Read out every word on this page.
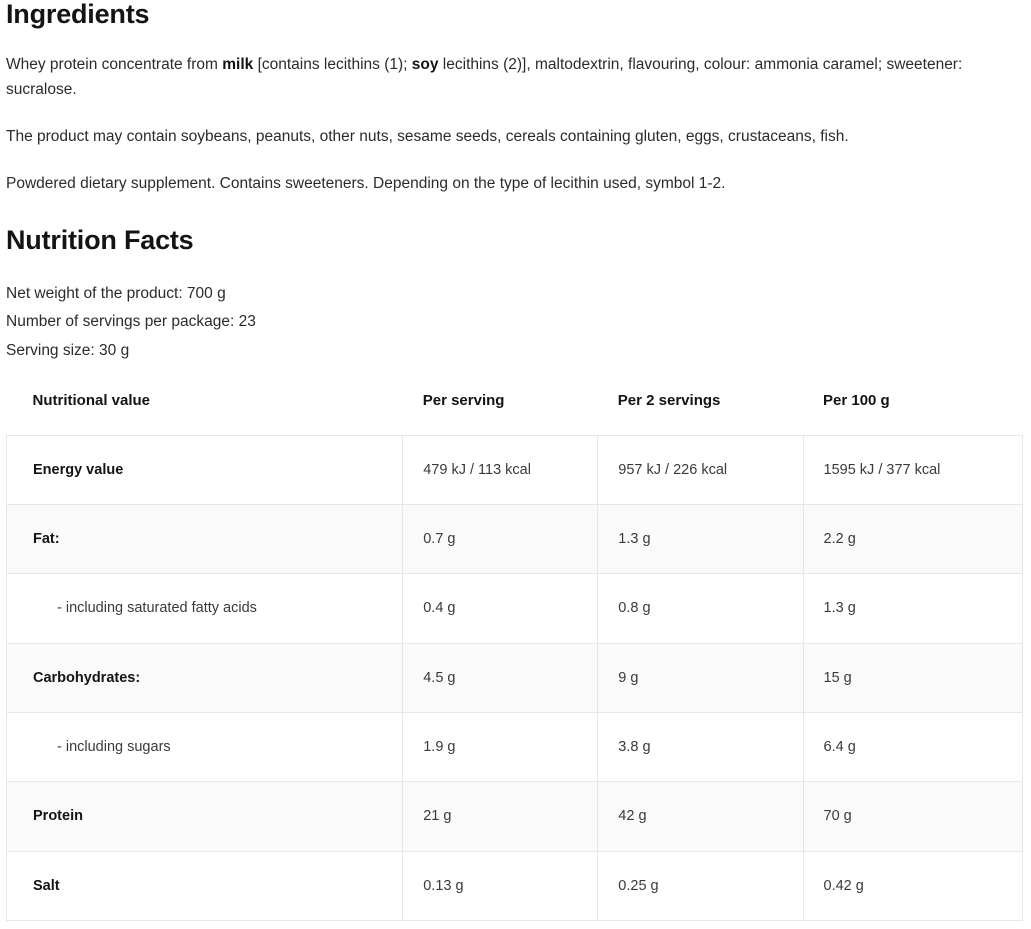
Ingredients

Whey protein concentrate from milk [contains lecithins (1); soy lecithins (2)], maltodextrin, flavouring, colour: ammonia caramel; sweetener: sucralose.

The product may contain soybeans, peanuts, other nuts, sesame seeds, cereals containing gluten, eggs, crustaceans, fish.

Powdered dietary supplement. Contains sweeteners. Depending on the type of lecithin used, symbol 1-2.

Nutrition Facts
Net weight of the product: 700 g
Number of servings per package: 23
Serving size: 30 g
Nutritional value	Per serving	Per 2 servings	Per 100 g
Energy value	479 kJ / 113 kcal	957 kJ / 226 kcal	1595 kJ / 377 kcal
Fat:	0.7 g	1.3 g	2.2 g
- including saturated fatty acids	0.4 g	0.8 g	1.3 g
Carbohydrates:	4.5 g	9 g	15 g
- including sugars	1.9 g	3.8 g	6.4 g
Protein	21 g	42 g	70 g
Salt	0.13 g	0.25 g	0.42 g
